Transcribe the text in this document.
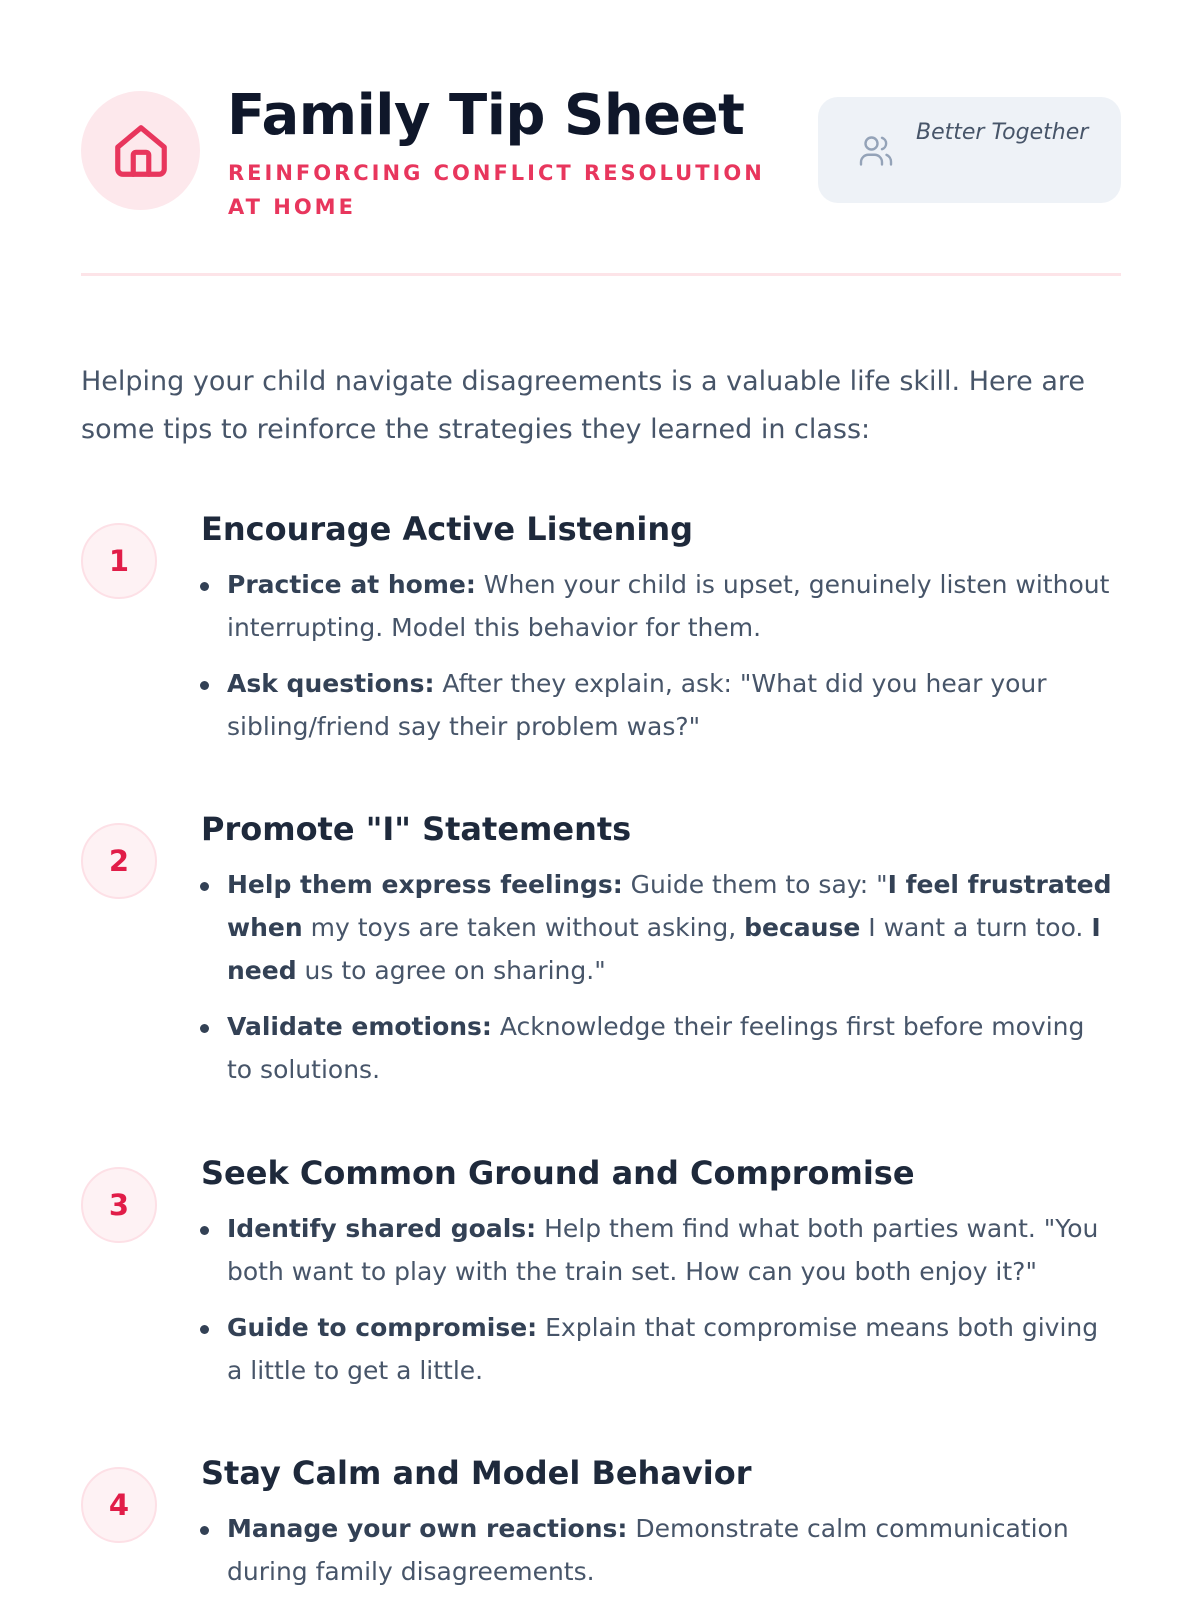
Family Tip Sheet
REINFORCING CONFLICT RESOLUTION AT HOME
Better Together
Helping your child navigate disagreements is a valuable life skill. Here are some tips to reinforce the strategies they learned in class:
1
Encourage Active Listening
Practice at home: When your child is upset, genuinely listen without interrupting. Model this behavior for them.
Ask questions: After they explain, ask: "What did you hear your sibling/friend say their problem was?"
2
Promote "I" Statements
Help them express feelings: Guide them to say: "I feel frustrated when my toys are taken without asking, because I want a turn too. I need us to agree on sharing."
Validate emotions: Acknowledge their feelings first before moving to solutions.
3
Seek Common Ground and Compromise
Identify shared goals: Help them find what both parties want. "You both want to play with the train set. How can you both enjoy it?"
Guide to compromise: Explain that compromise means both giving a little to get a little.
4
Stay Calm and Model Behavior
Manage your own reactions: Demonstrate calm communication during family disagreements.
